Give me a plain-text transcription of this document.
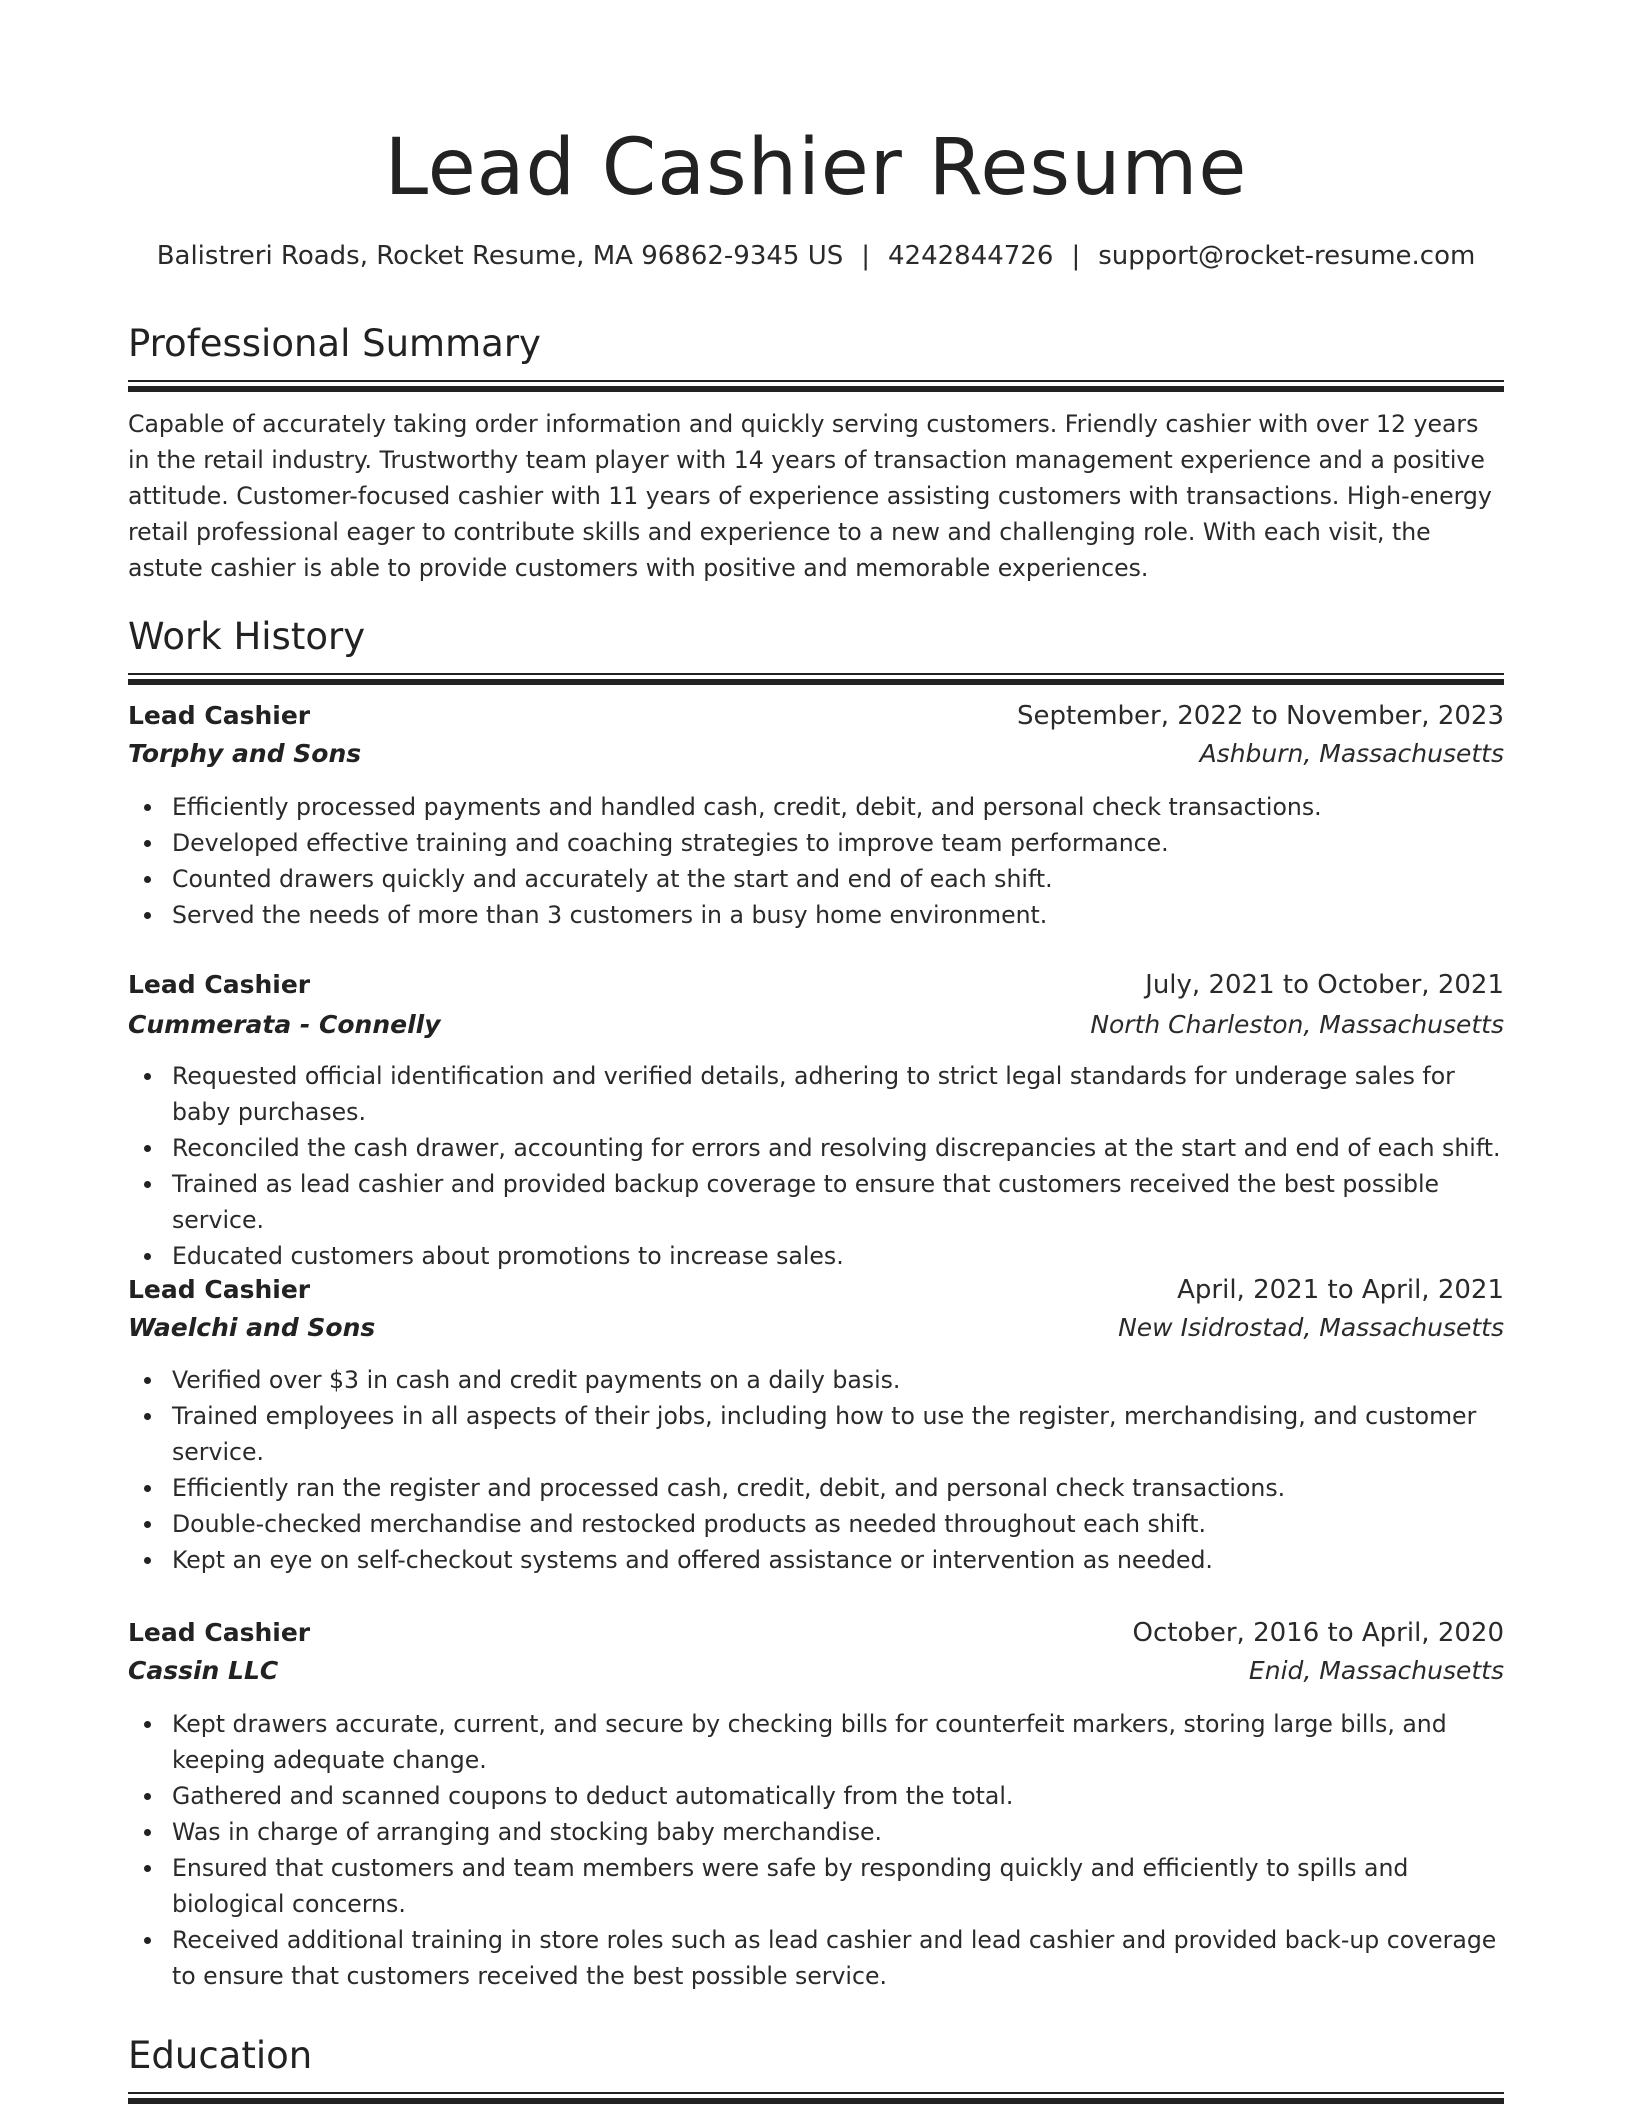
Lead Cashier Resume
Balistreri Roads, Rocket Resume, MA 96862-9345 US | 4242844726 | support@rocket-resume.com
Professional Summary

Capable of accurately taking order information and quickly serving customers. Friendly cashier with over 12 years in the retail industry. Trustworthy team player with 14 years of transaction management experience and a positive attitude. Customer-focused cashier with 11 years of experience assisting customers with transactions. High-energy retail professional eager to contribute skills and experience to a new and challenging role. With each visit, the astute cashier is able to provide customers with positive and memorable experiences.

Work History
Lead Cashier	September, 2022 to November, 2023
Torphy and Sons	Ashburn, Massachusetts
Efficiently processed payments and handled cash, credit, debit, and personal check transactions.
Developed effective training and coaching strategies to improve team performance.
Counted drawers quickly and accurately at the start and end of each shift.
Served the needs of more than 3 customers in a busy home environment.
Lead Cashier	July, 2021 to October, 2021
Cummerata - Connelly	North Charleston, Massachusetts
Requested official identification and verified details, adhering to strict legal standards for underage sales for baby purchases.
Reconciled the cash drawer, accounting for errors and resolving discrepancies at the start and end of each shift.
Trained as lead cashier and provided backup coverage to ensure that customers received the best possible service.
Educated customers about promotions to increase sales.
Lead Cashier	April, 2021 to April, 2021
Waelchi and Sons	New Isidrostad, Massachusetts
Verified over $3 in cash and credit payments on a daily basis.
Trained employees in all aspects of their jobs, including how to use the register, merchandising, and customer service.
Efficiently ran the register and processed cash, credit, debit, and personal check transactions.
Double-checked merchandise and restocked products as needed throughout each shift.
Kept an eye on self-checkout systems and offered assistance or intervention as needed.
Lead Cashier	October, 2016 to April, 2020
Cassin LLC	Enid, Massachusetts
Kept drawers accurate, current, and secure by checking bills for counterfeit markers, storing large bills, and keeping adequate change.
Gathered and scanned coupons to deduct automatically from the total.
Was in charge of arranging and stocking baby merchandise.
Ensured that customers and team members were safe by responding quickly and efficiently to spills and biological concerns.
Received additional training in store roles such as lead cashier and lead cashier and provided back-up coverage to ensure that customers received the best possible service.
Education
